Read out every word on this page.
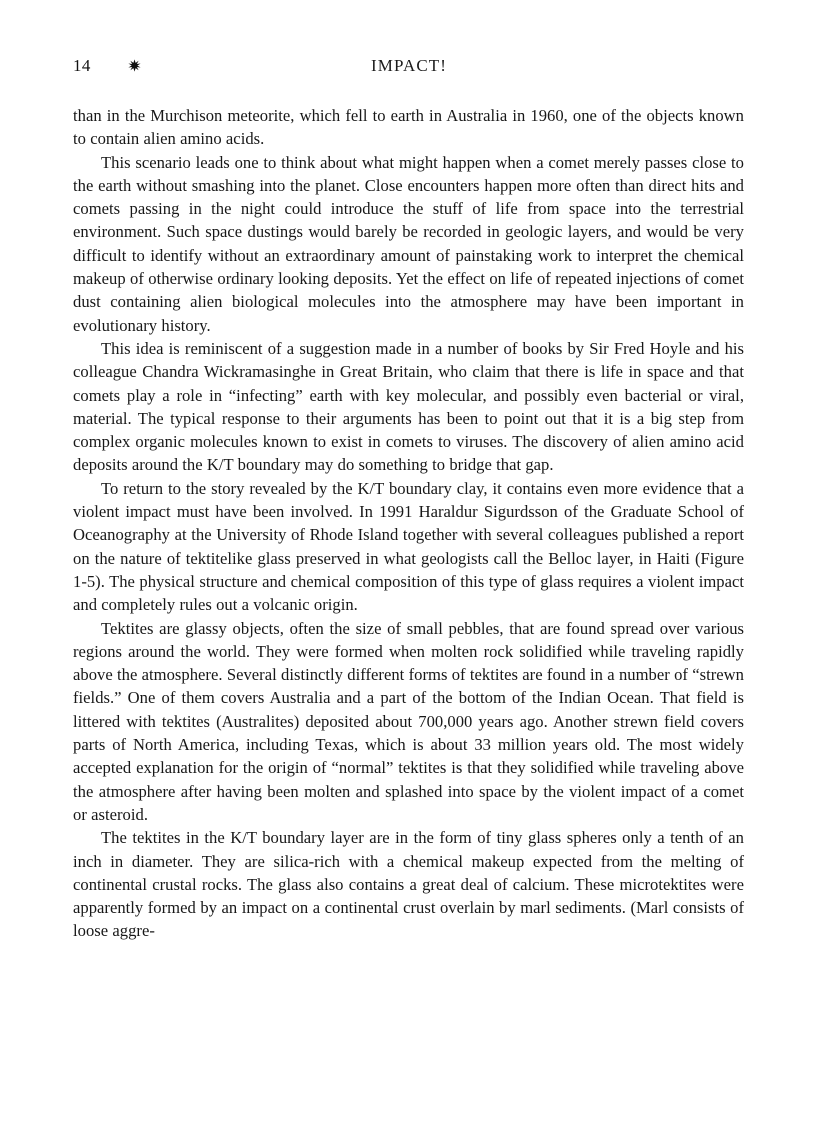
14	IMPACT!

than in the Murchison meteorite, which fell to earth in Australia in 1960, one of the objects known to contain alien amino acids.

This scenario leads one to think about what might happen when a comet merely passes close to the earth without smashing into the planet. Close encounters happen more often than direct hits and comets passing in the night could introduce the stuff of life from space into the terrestrial environment. Such space dustings would barely be recorded in geologic layers, and would be very difficult to identify without an extraordinary amount of painstaking work to interpret the chemical makeup of otherwise ordinary looking deposits. Yet the effect on life of repeated injections of comet dust containing alien biological molecules into the atmosphere may have been important in evolutionary history.

This idea is reminiscent of a suggestion made in a number of books by Sir Fred Hoyle and his colleague Chandra Wickramasinghe in Great Britain, who claim that there is life in space and that comets play a role in “infecting” earth with key molecular, and possibly even bacterial or viral, material. The typical response to their arguments has been to point out that it is a big step from complex organic molecules known to exist in comets to viruses. The discovery of alien amino acid deposits around the K/T boundary may do something to bridge that gap.

To return to the story revealed by the K/T boundary clay, it contains even more evidence that a violent impact must have been involved. In 1991 Haraldur Sigurdsson of the Graduate School of Oceanography at the University of Rhode Island together with several colleagues published a report on the nature of tektitelike glass preserved in what geologists call the Belloc layer, in Haiti (Figure 1-5). The physical structure and chemical composition of this type of glass requires a violent impact and completely rules out a volcanic origin.

Tektites are glassy objects, often the size of small pebbles, that are found spread over various regions around the world. They were formed when molten rock solidified while traveling rapidly above the atmosphere. Several distinctly different forms of tektites are found in a number of “strewn fields.” One of them covers Australia and a part of the bottom of the Indian Ocean. That field is littered with tektites (Australites) deposited about 700,000 years ago. Another strewn field covers parts of North America, including Texas, which is about 33 million years old. The most widely accepted explanation for the origin of “normal” tektites is that they solidified while traveling above the atmosphere after having been molten and splashed into space by the violent impact of a comet or asteroid.

The tektites in the K/T boundary layer are in the form of tiny glass spheres only a tenth of an inch in diameter. They are silica-rich with a chemical makeup expected from the melting of continental crustal rocks. The glass also contains a great deal of calcium. These microtektites were apparently formed by an impact on a continental crust overlain by marl sediments. (Marl consists of loose aggre-
